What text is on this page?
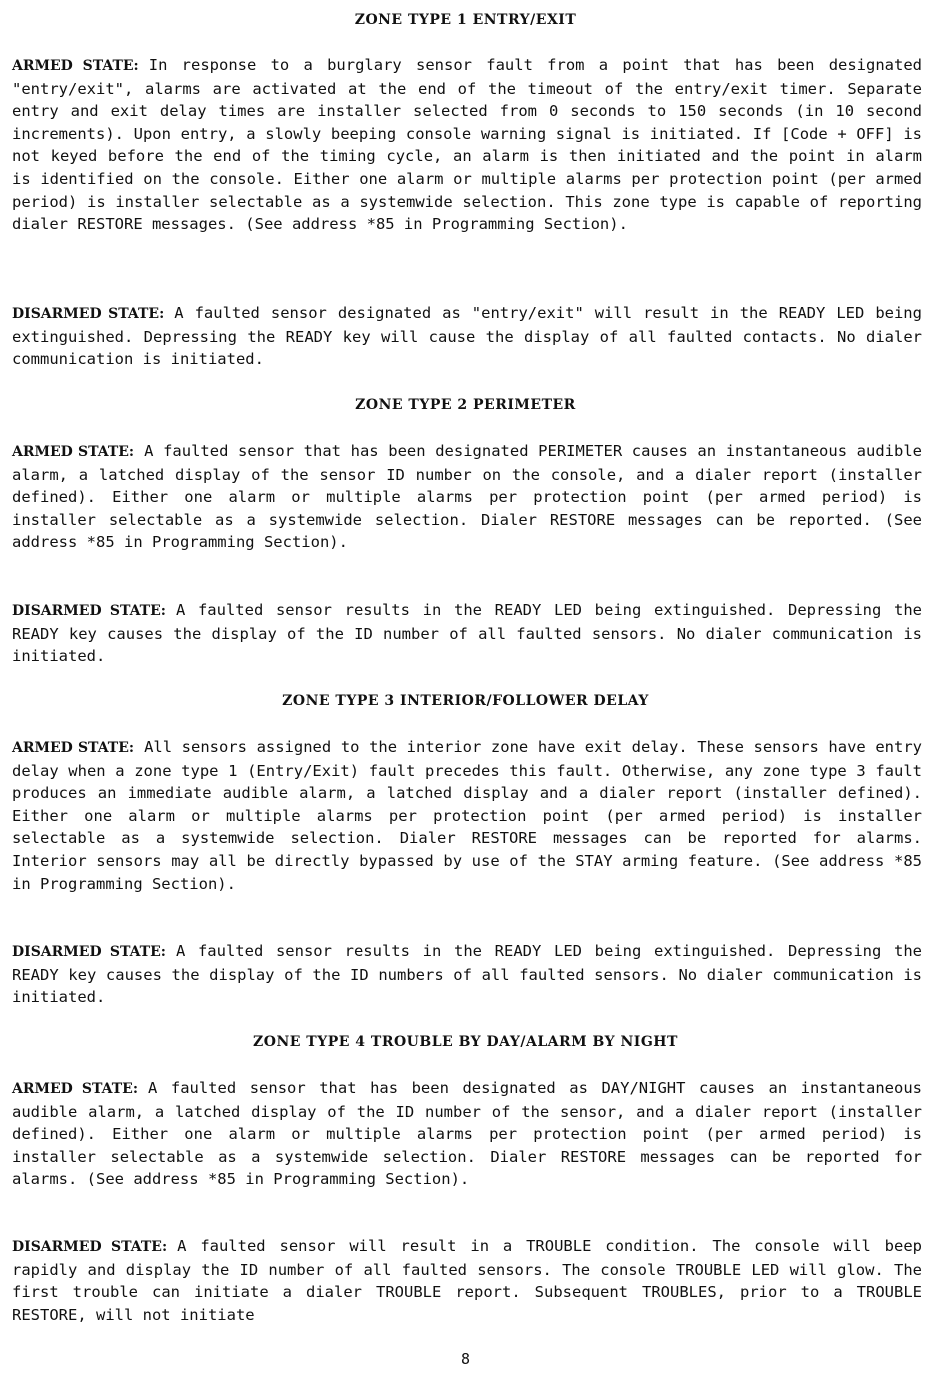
ZONE TYPE 1 ENTRY/EXIT
ARMED STATE: In response to a burglary sensor fault from a point that has been designated "entry/exit", alarms are activated at the end of the timeout of the entry/exit timer. Separate entry and exit delay times are installer selected from 0 seconds to 150 seconds (in 10 second increments). Upon entry, a slowly beeping console warning signal is initiated. If [Code + OFF] is not keyed before the end of the timing cycle, an alarm is then initiated and the point in alarm is identified on the console. Either one alarm or multiple alarms per protection point (per armed period) is installer selectable as a systemwide selection. This zone type is capable of reporting dialer RESTORE messages. (See address *85 in Programming Section).
DISARMED STATE: A faulted sensor designated as "entry/exit" will result in the READY LED being extinguished. Depressing the READY key will cause the display of all faulted contacts. No dialer communication is initiated.
ZONE TYPE 2 PERIMETER
ARMED STATE: A faulted sensor that has been designated PERIMETER causes an instantaneous audible alarm, a latched display of the sensor ID number on the console, and a dialer report (installer defined). Either one alarm or multiple alarms per protection point (per armed period) is installer selectable as a systemwide selection. Dialer RESTORE messages can be reported. (See address *85 in Programming Section).
DISARMED STATE: A faulted sensor results in the READY LED being extinguished. Depressing the READY key causes the display of the ID number of all faulted sensors. No dialer communication is initiated.
ZONE TYPE 3 INTERIOR/FOLLOWER DELAY
ARMED STATE: All sensors assigned to the interior zone have exit delay. These sensors have entry delay when a zone type 1 (Entry/Exit) fault precedes this fault. Otherwise, any zone type 3 fault produces an immediate audible alarm, a latched display and a dialer report (installer defined). Either one alarm or multiple alarms per protection point (per armed period) is installer selectable as a systemwide selection. Dialer RESTORE messages can be reported for alarms. Interior sensors may all be directly bypassed by use of the STAY arming feature. (See address *85 in Programming Section).
DISARMED STATE: A faulted sensor results in the READY LED being extinguished. Depressing the READY key causes the display of the ID numbers of all faulted sensors. No dialer communication is initiated.
ZONE TYPE 4 TROUBLE BY DAY/ALARM BY NIGHT
ARMED STATE: A faulted sensor that has been designated as DAY/NIGHT causes an instantaneous audible alarm, a latched display of the ID number of the sensor, and a dialer report (installer defined). Either one alarm or multiple alarms per protection point (per armed period) is installer selectable as a systemwide selection. Dialer RESTORE messages can be reported for alarms. (See address *85 in Programming Section).
DISARMED STATE: A faulted sensor will result in a TROUBLE condition. The console will beep rapidly and display the ID number of all faulted sensors. The console TROUBLE LED will glow. The first trouble can initiate a dialer TROUBLE report. Subsequent TROUBLES, prior to a TROUBLE RESTORE, will not initiate
8
